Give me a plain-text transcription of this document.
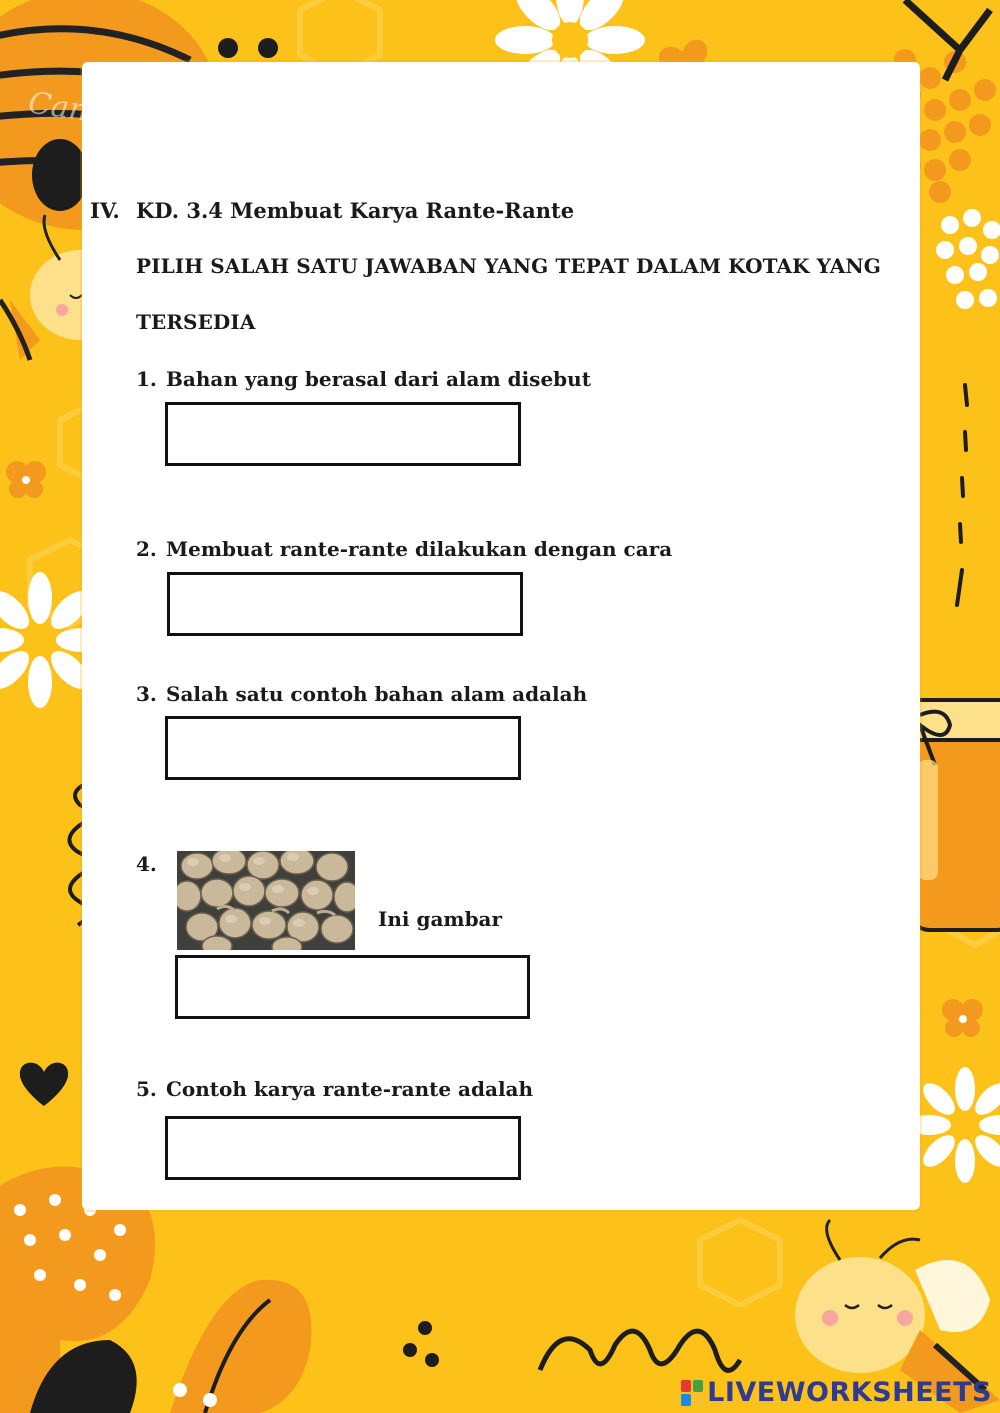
IV. KD. 3.4 Membuat Karya Rante-Rante
PILIH SALAH SATU JAWABAN YANG TEPAT DALAM KOTAK YANG
TERSEDIA
1. Bahan yang berasal dari alam disebut
2. Membuat rante-rante dilakukan dengan cara
3. Salah satu contoh bahan alam adalah
4.
Ini gambar
5. Contoh karya rante-rante adalah
Canva
LIVEWORKSHEETS
